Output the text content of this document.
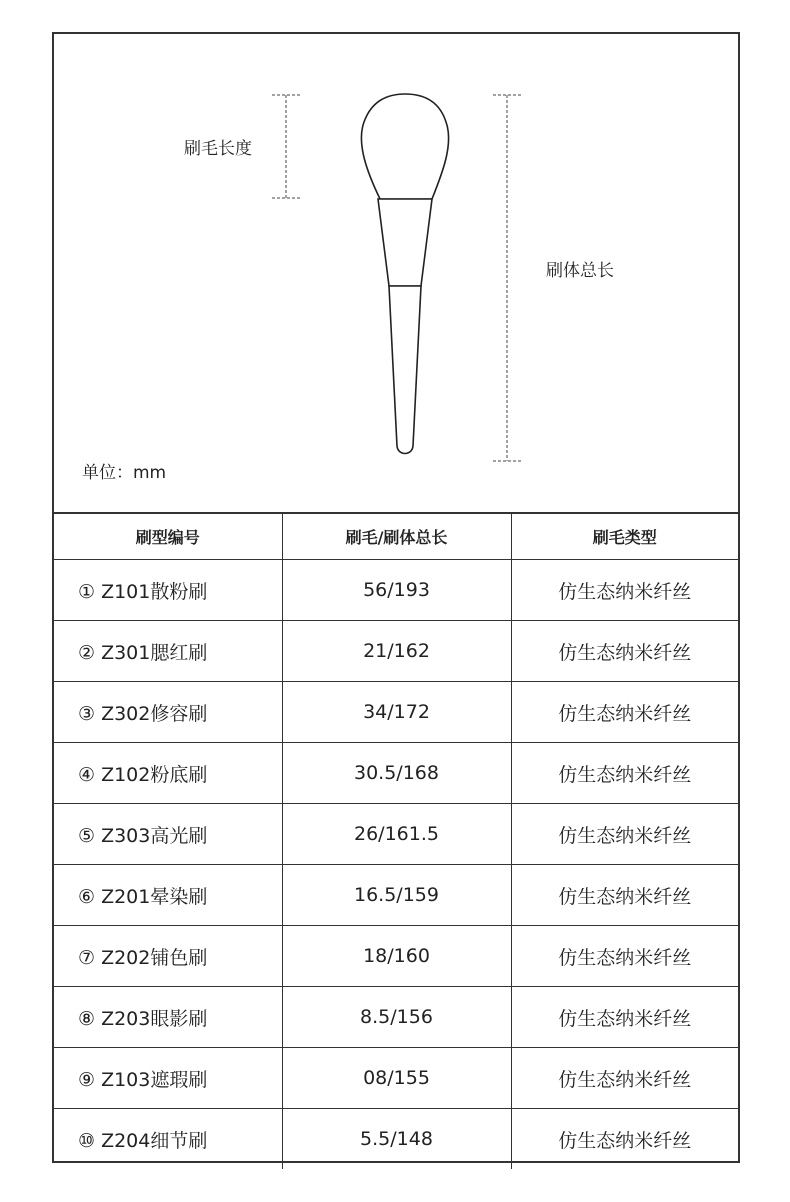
刷毛长度
刷体总长
单位：mm
刷型编号	刷毛/刷体总长	刷毛类型
① Z101散粉刷	56/193	仿生态纳米纤丝
② Z301腮红刷	21/162	仿生态纳米纤丝
③ Z302修容刷	34/172	仿生态纳米纤丝
④ Z102粉底刷	30.5/168	仿生态纳米纤丝
⑤ Z303高光刷	26/161.5	仿生态纳米纤丝
⑥ Z201晕染刷	16.5/159	仿生态纳米纤丝
⑦ Z202铺色刷	18/160	仿生态纳米纤丝
⑧ Z203眼影刷	8.5/156	仿生态纳米纤丝
⑨ Z103遮瑕刷	08/155	仿生态纳米纤丝
⑩ Z204细节刷	5.5/148	仿生态纳米纤丝
